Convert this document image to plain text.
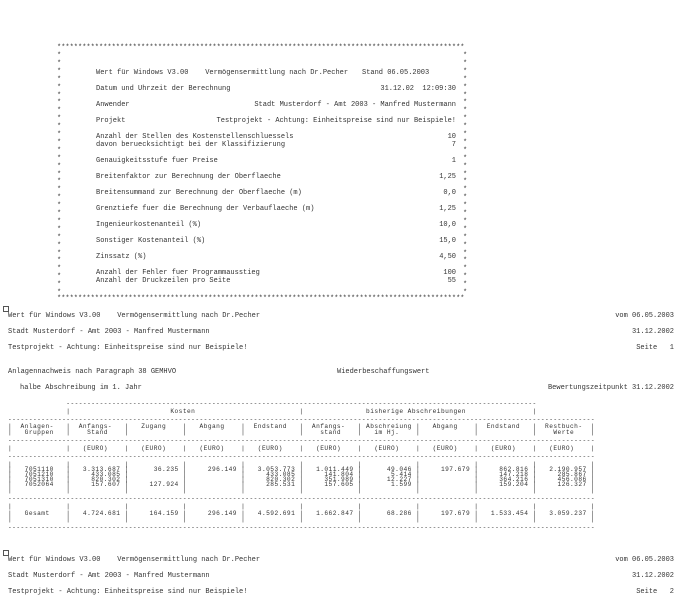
*************************************************************************************************
*	*
*	*
*	*
*	*
*	*
*	*
*	*
*	*
*	*
*	*
*	*
*	*
*	*
*	*
*	*
*	*
*	*
*	*
*	*
*	*
*	*
*	*
*	*
*	*
*	*
*	*
*	*
*	*
*	*
*	*
*	*
Wert für Windows V3.00    Vermögensermittlung nach Dr.Pecher Stand 06.05.2003
Datum und Uhrzeit der Berechnung	31.12.02  12:09:30
Anwender	Stadt Musterdorf - Amt 2003 - Manfred Mustermann
Projekt	Testprojekt - Achtung: Einheitspreise sind nur Beispiele!
Anzahl der Stellen des Kostenstellenschluessels	10
davon beruecksichtigt bei der Klassifizierung	7
Genauigkeitsstufe fuer Preise	1
Breitenfaktor zur Berechnung der Oberflaeche	1,25
Breitensummand zur Berechnung der Oberflaeche (m)	0,0
Grenztiefe fuer die Berechnung der Verbauflaeche (m)	1,25
Ingenieurkostenanteil (%)	10,0
Sonstiger Kostenanteil (%)	15,0
Zinssatz (%)	4,50
Anzahl der Fehler fuer Programmausstieg	100
Anzahl der Druckzeilen pro Seite	55
*************************************************************************************************
Wert für Windows V3.00    Vermögensermittlung nach Dr.Pecher	vom 06.05.2003
Stadt Musterdorf - Amt 2003 - Manfred Mustermann	31.12.2002
Testprojekt - Achtung: Einheitspreise sind nur Beispiele!	Seite   1
Anlagennachweis nach Paragraph 38 GEMHVO	Wiederbeschaffungswert
halbe Abschreibung im 1. Jahr	Bewertungszeitpunkt 31.12.2002
-----------------------------------------------------------------------------------------------------------------
|                        Kosten                         |               bisherige Abschreibungen                |
---------------------------------------------------------------------------------------------------------------------------------------------
|  Anlagen-   |  Anfangs-   |   Zugang    |   Abgang    |  Endstand   |  Anfangs-   | Abschreiung |   Abgang    |  Endstand   |  Restbuch-  |
|   Gruppen   |    Stand    |             |             |             |    stand    |   im Hj.    |             |             |    Werte    |
---------------------------------------------------------------------------------------------------------------------------------------------
|             |   (EURO)    |   (EURO)    |   (EURO)    |   (EURO)    |   (EURO)    |   (EURO)    |   (EURO)    |   (EURO)    |   (EURO)    |
---------------------------------------------------------------------------------------------------------------------------------------------
|             |             |             |             |             |             |             |             |             |             |
|   7051110   |   3.313.687 |      36.235 |     296.149 |   3.053.773 |   1.011.449 |      49.046 |     197.679 |     862.816 |   2.190.957 |
|   7051210   |     433.085 |             |             |     433.085 |     141.804 |       5.414 |             |     147.218 |     285.867 |
|   7051310   |     820.302 |             |             |     820.302 |     351.989 |      12.227 |             |     364.216 |     456.086 |
|   7052064   |     157.607 |     127.924 |             |     285.531 |     157.605 |       1.599 |             |     159.204 |     126.327 |
|             |             |             |             |             |             |             |             |             |             |
---------------------------------------------------------------------------------------------------------------------------------------------
|             |             |             |             |             |             |             |             |             |             |
|   Gesamt    |   4.724.681 |     164.159 |     296.149 |   4.592.691 |   1.662.847 |      68.286 |     197.679 |   1.533.454 |   3.059.237 |
|             |             |             |             |             |             |             |             |             |             |
---------------------------------------------------------------------------------------------------------------------------------------------
Wert für Windows V3.00    Vermögensermittlung nach Dr.Pecher	vom 06.05.2003
Stadt Musterdorf - Amt 2003 - Manfred Mustermann	31.12.2002
Testprojekt - Achtung: Einheitspreise sind nur Beispiele!	Seite   2
